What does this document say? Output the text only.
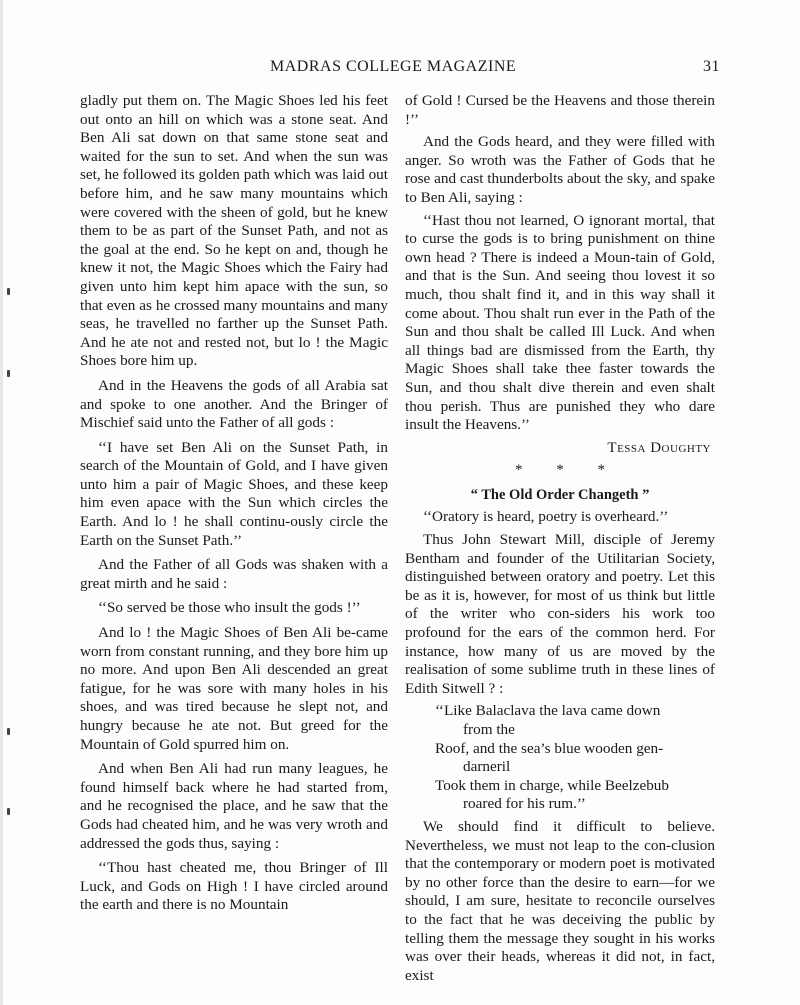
MADRAS COLLEGE MAGAZINE	31

gladly put them on. The Magic Shoes led his feet out onto an hill on which was a stone seat. And Ben Ali sat down on that same stone seat and waited for the sun to set. And when the sun was set, he followed its golden path which was laid out before him, and he saw many mountains which were covered with the sheen of gold, but he knew them to be as part of the Sunset Path, and not as the goal at the end. So he kept on and, though he knew it not, the Magic Shoes which the Fairy had given unto him kept him apace with the sun, so that even as he crossed many mountains and many seas, he travelled no farther up the Sunset Path. And he ate not and rested not, but lo ! the Magic Shoes bore him up.

And in the Heavens the gods of all Arabia sat and spoke to one another. And the Bringer of Mischief said unto the Father of all gods :

‘‘I have set Ben Ali on the Sunset Path, in search of the Mountain of Gold, and I have given unto him a pair of Magic Shoes, and these keep him even apace with the Sun which circles the Earth. And lo ! he shall continu-ously circle the Earth on the Sunset Path.’’

And the Father of all Gods was shaken with a great mirth and he said :

‘‘So served be those who insult the gods !’’

And lo ! the Magic Shoes of Ben Ali be-came worn from constant running, and they bore him up no more. And upon Ben Ali descended an great fatigue, for he was sore with many holes in his shoes, and was tired because he slept not, and hungry because he ate not. But greed for the Mountain of Gold spurred him on.

And when Ben Ali had run many leagues, he found himself back where he had started from, and he recognised the place, and he saw that the Gods had cheated him, and he was very wroth and addressed the gods thus, saying :

‘‘Thou hast cheated me, thou Bringer of Ill Luck, and Gods on High ! I have circled around the earth and there is no Mountain

of Gold ! Cursed be the Heavens and those therein !’’

And the Gods heard, and they were filled with anger. So wroth was the Father of Gods that he rose and cast thunderbolts about the sky, and spake to Ben Ali, saying :

‘‘Hast thou not learned, O ignorant mortal, that to curse the gods is to bring punishment on thine own head ? There is indeed a Moun-tain of Gold, and that is the Sun. And seeing thou lovest it so much, thou shalt find it, and in this way shall it come about. Thou shalt run ever in the Path of the Sun and thou shalt be called Ill Luck. And when all things bad are dismissed from the Earth, thy Magic Shoes shall take thee faster towards the Sun, and thou shalt dive therein and even shalt thou perish. Thus are punished they who dare insult the Heavens.’’

Tessa Doughty
* * *
“ The Old Order Changeth ”

‘‘Oratory is heard, poetry is overheard.’’

Thus John Stewart Mill, disciple of Jeremy Bentham and founder of the Utilitarian Society, distinguished between oratory and poetry. Let this be as it is, however, for most of us think but little of the writer who con-siders his work too profound for the ears of the common herd. For instance, how many of us are moved by the realisation of some sublime truth in these lines of Edith Sitwell ? :

‘‘Like Balaclava the lava came down
from the
Roof, and the sea’s blue wooden gen-
darneril
Took them in charge, while Beelzebub
roared for his rum.’’

We should find it difficult to believe. Nevertheless, we must not leap to the con-clusion that the contemporary or modern poet is motivated by no other force than the desire to earn—for we should, I am sure, hesitate to reconcile ourselves to the fact that he was deceiving the public by telling them the message they sought in his works was over their heads, whereas it did not, in fact, exist
